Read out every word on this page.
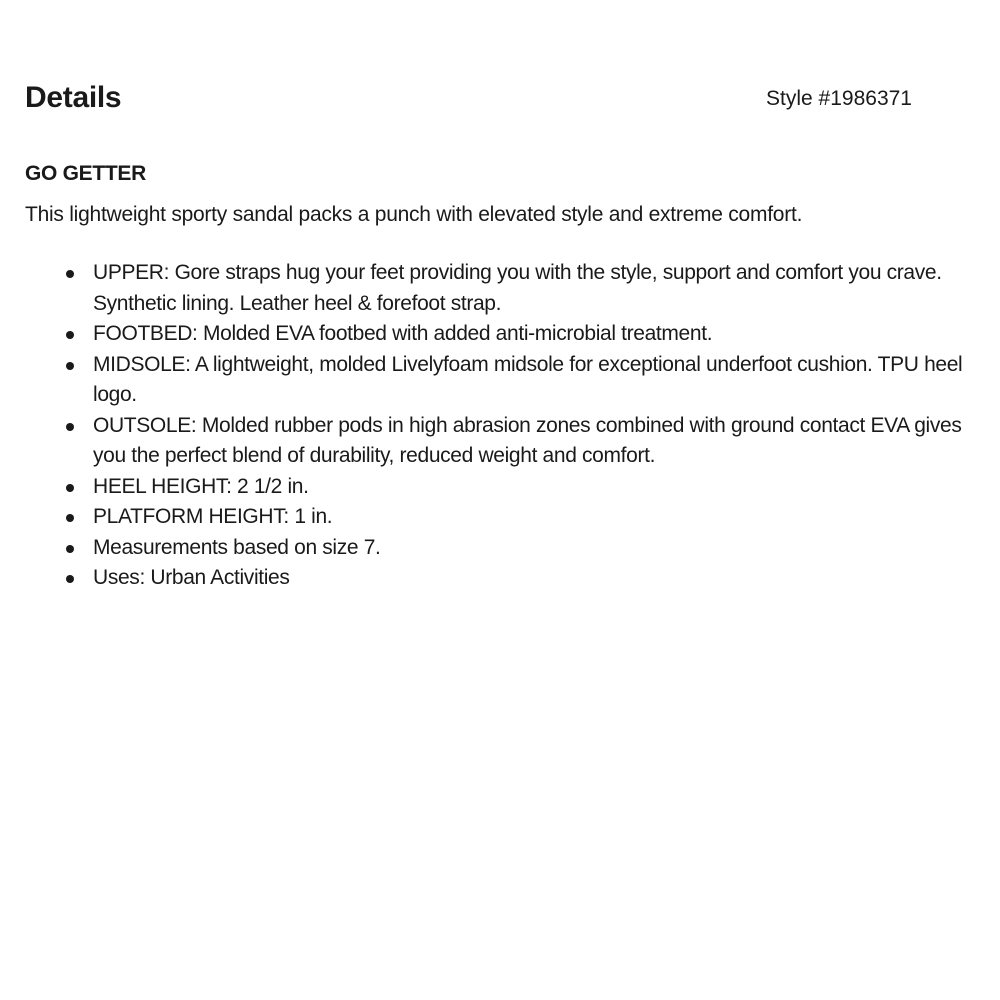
Details	Style #1986371
GO GETTER

This lightweight sporty sandal packs a punch with elevated style and extreme comfort.

UPPER: Gore straps hug your feet providing you with the style, support and comfort you crave. Synthetic lining. Leather heel & forefoot strap.
FOOTBED: Molded EVA footbed with added anti-microbial treatment.
MIDSOLE: A lightweight, molded Livelyfoam midsole for exceptional underfoot cushion. TPU heel logo.
OUTSOLE: Molded rubber pods in high abrasion zones combined with ground contact EVA gives you the perfect blend of durability, reduced weight and comfort.
HEEL HEIGHT: 2 1/2 in.
PLATFORM HEIGHT: 1 in.
Measurements based on size 7.
Uses: Urban Activities
